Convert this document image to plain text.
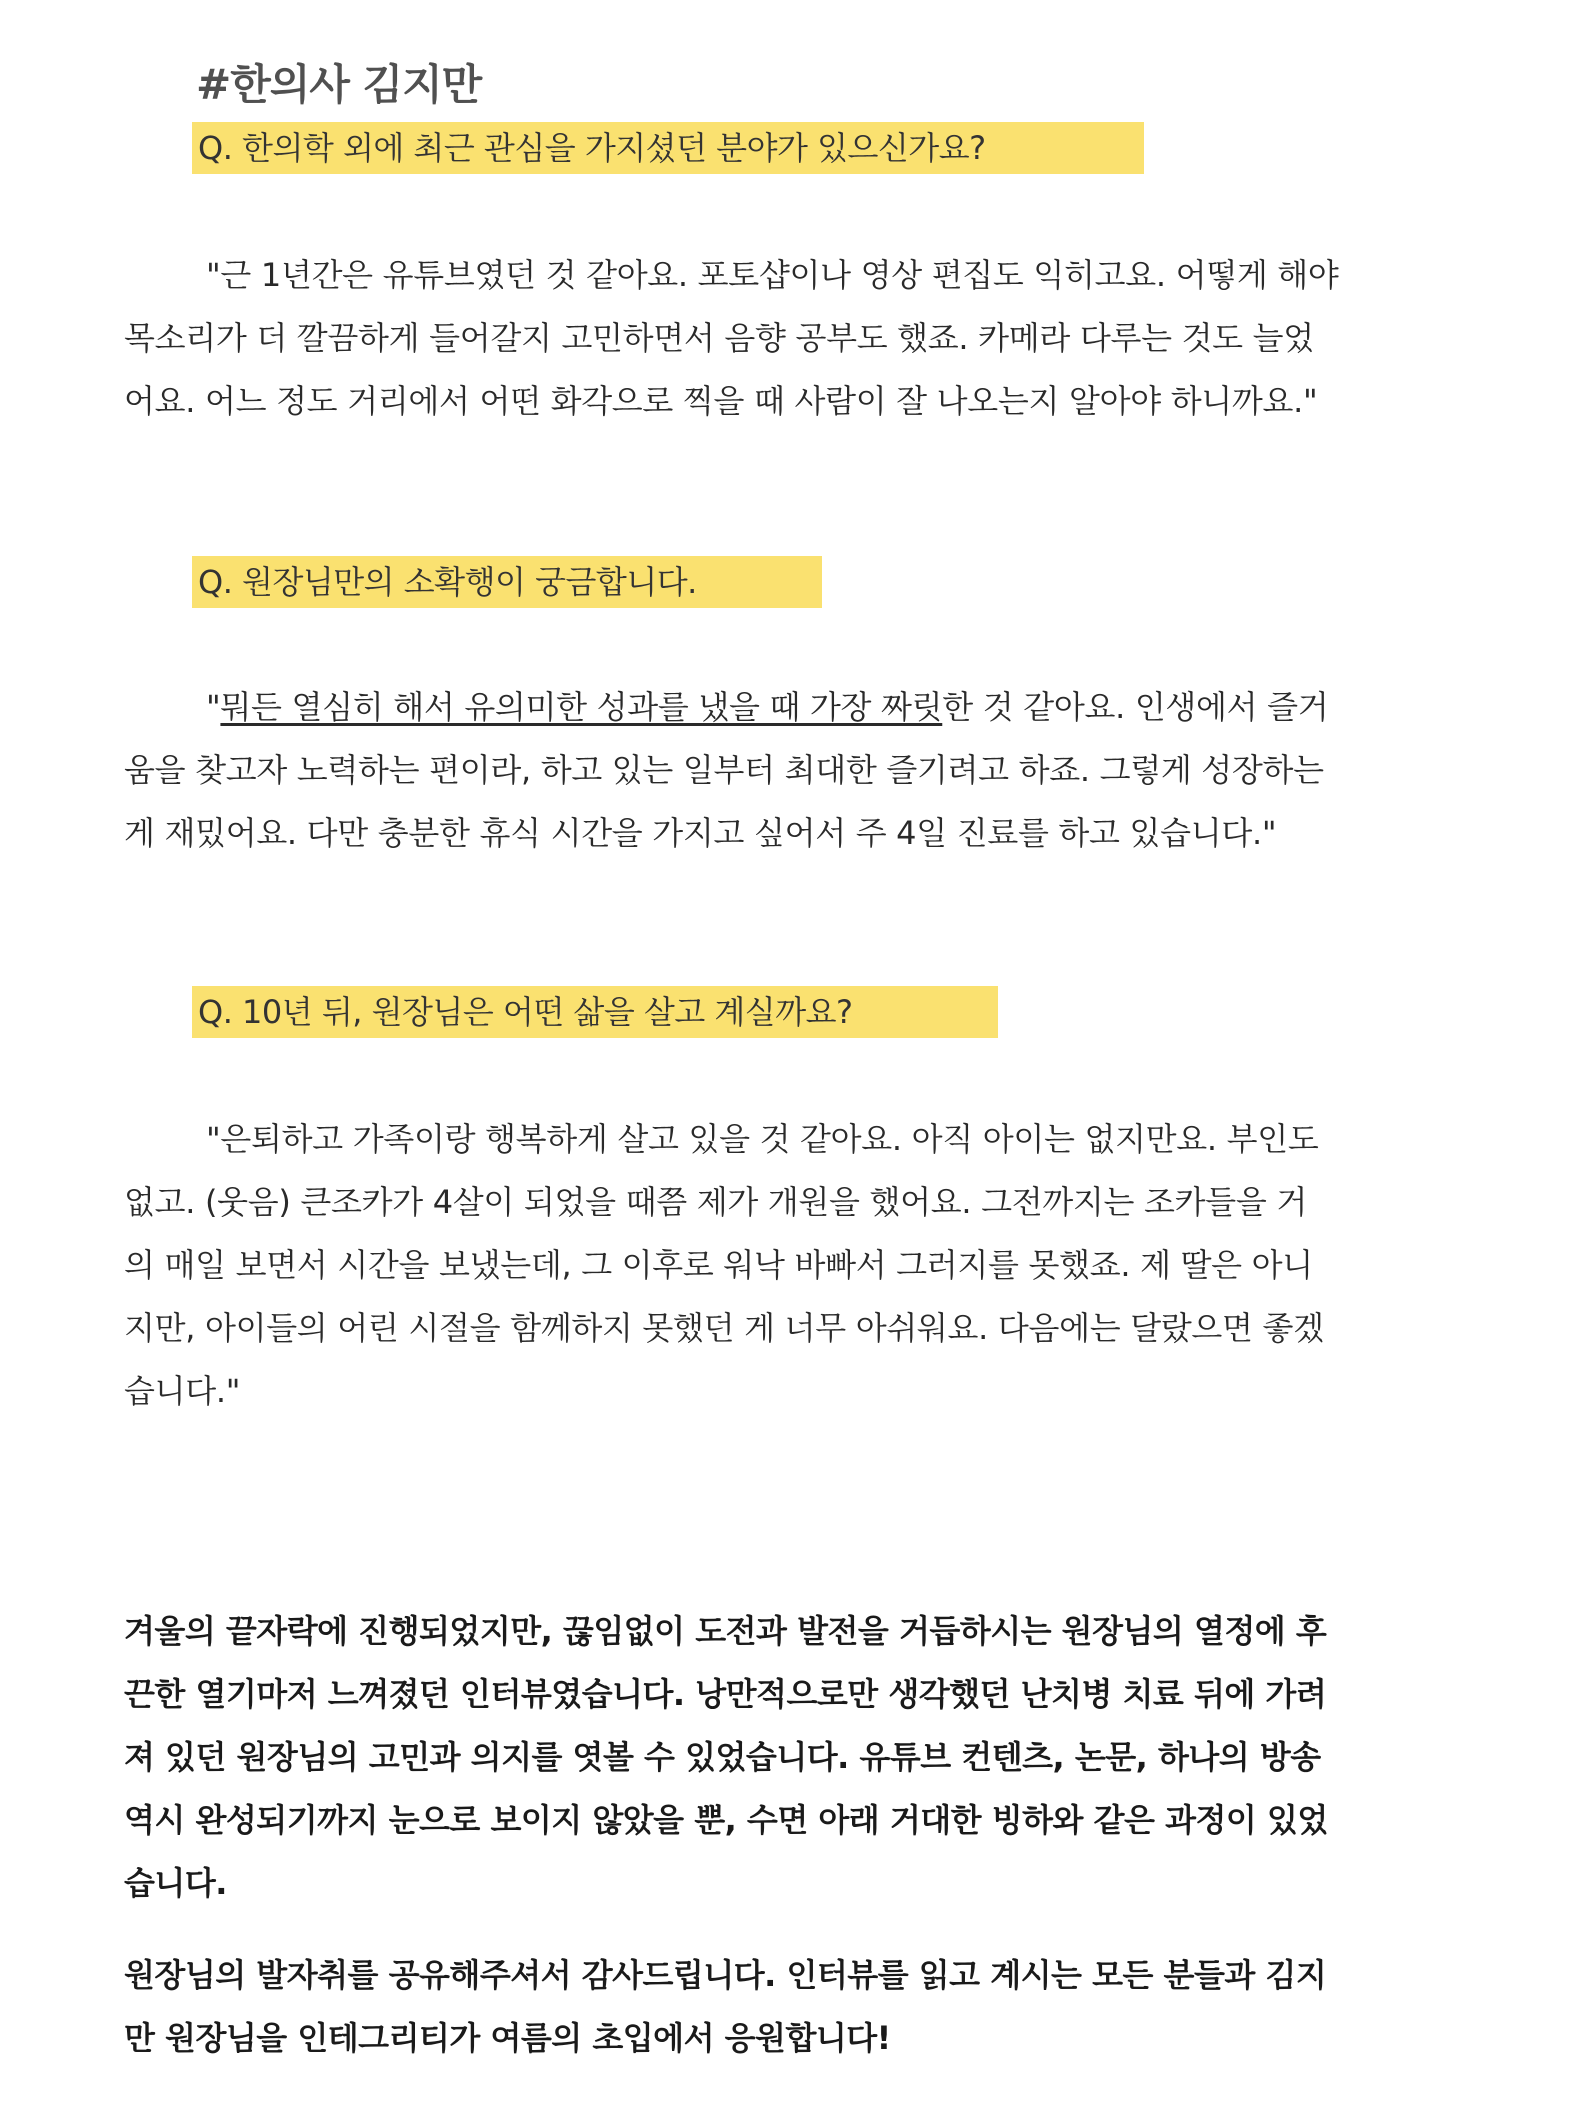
#한의사 김지만
Q. 한의학 외에 최근 관심을 가지셨던 분야가 있으신가요?
"근 1년간은 유튜브였던 것 같아요. 포토샵이나 영상 편집도 익히고요. 어떻게 해야
목소리가 더 깔끔하게 들어갈지 고민하면서 음향 공부도 했죠. 카메라 다루는 것도 늘었
어요. 어느 정도 거리에서 어떤 화각으로 찍을 때 사람이 잘 나오는지 알아야 하니까요."
Q. 원장님만의 소확행이 궁금합니다.
"뭐든 열심히 해서 유의미한 성과를 냈을 때 가장 짜릿한 것 같아요. 인생에서 즐거
움을 찾고자 노력하는 편이라, 하고 있는 일부터 최대한 즐기려고 하죠. 그렇게 성장하는
게 재밌어요. 다만 충분한 휴식 시간을 가지고 싶어서 주 4일 진료를 하고 있습니다."
Q. 10년 뒤, 원장님은 어떤 삶을 살고 계실까요?
"은퇴하고 가족이랑 행복하게 살고 있을 것 같아요. 아직 아이는 없지만요. 부인도
없고. (웃음) 큰조카가 4살이 되었을 때쯤 제가 개원을 했어요. 그전까지는 조카들을 거
의 매일 보면서 시간을 보냈는데, 그 이후로 워낙 바빠서 그러지를 못했죠. 제 딸은 아니
지만, 아이들의 어린 시절을 함께하지 못했던 게 너무 아쉬워요. 다음에는 달랐으면 좋겠
습니다."
겨울의 끝자락에 진행되었지만, 끊임없이 도전과 발전을 거듭하시는 원장님의 열정에 후
끈한 열기마저 느껴졌던 인터뷰였습니다. 낭만적으로만 생각했던 난치병 치료 뒤에 가려
져 있던 원장님의 고민과 의지를 엿볼 수 있었습니다. 유튜브 컨텐츠, 논문, 하나의 방송
역시 완성되기까지 눈으로 보이지 않았을 뿐, 수면 아래 거대한 빙하와 같은 과정이 있었
습니다.
원장님의 발자취를 공유해주셔서 감사드립니다. 인터뷰를 읽고 계시는 모든 분들과 김지
만 원장님을 인테그리티가 여름의 초입에서 응원합니다!
